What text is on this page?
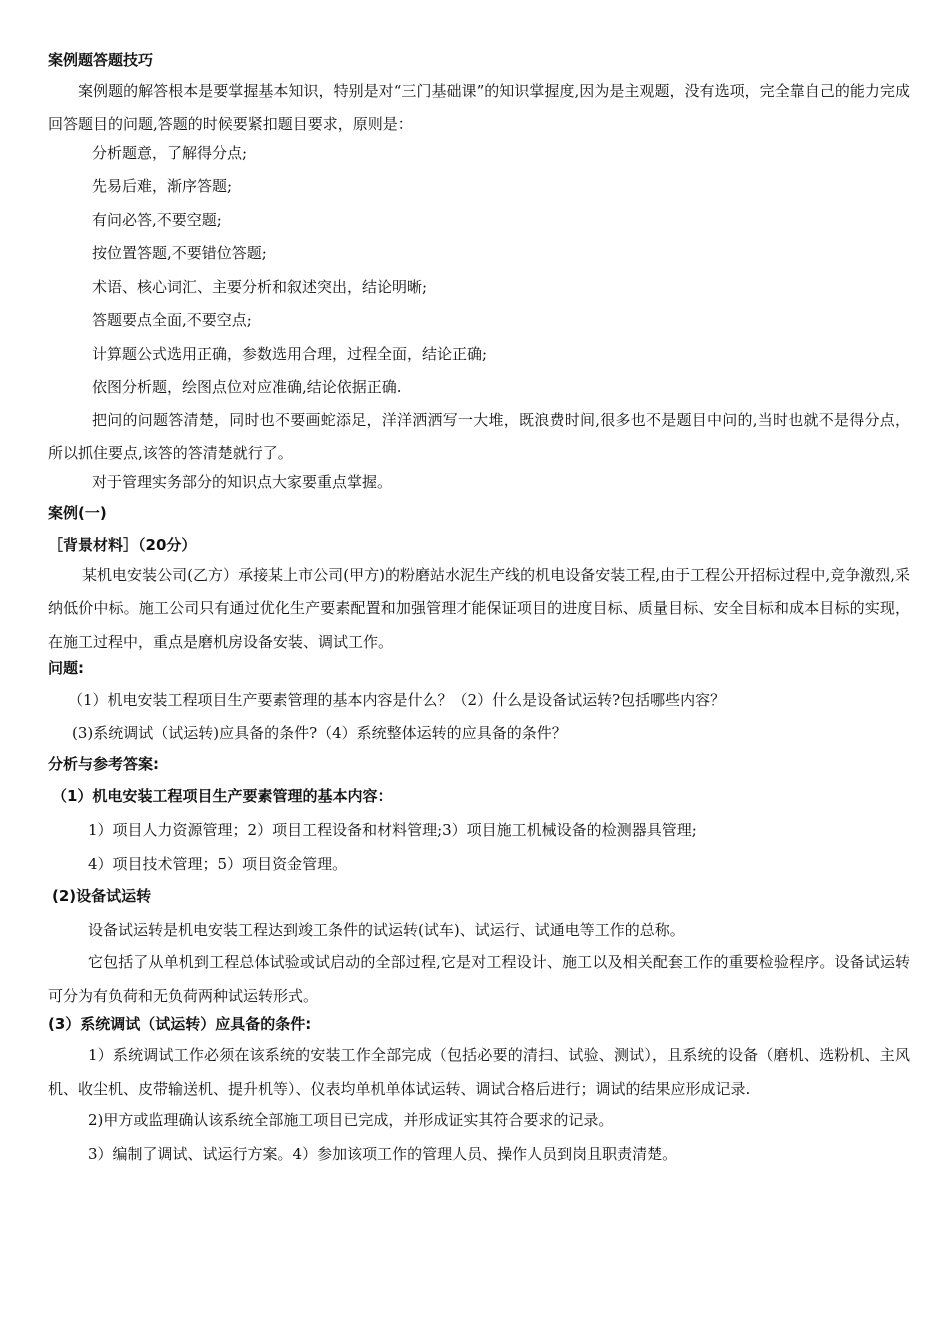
案例题答题技巧
案例题的解答根本是要掌握基本知识，特别是对“三门基础课”的知识掌握度,因为是主观题，没有选项，完全靠自己的能力完成回答题目的问题,答题的时候要紧扣题目要求，原则是：
分析题意，了解得分点;
先易后难，渐序答题;
有问必答,不要空题;
按位置答题,不要错位答题;
术语、核心词汇、主要分析和叙述突出，结论明晰;
答题要点全面,不要空点;
计算题公式选用正确，参数选用合理，过程全面，结论正确;
依图分析题，绘图点位对应准确,结论依据正确.
把问的问题答清楚，同时也不要画蛇添足，洋洋洒洒写一大堆，既浪费时间,很多也不是题目中问的,当时也就不是得分点，所以抓住要点,该答的答清楚就行了。
对于管理实务部分的知识点大家要重点掌握。
案例(一)
［背景材料］（20分）
某机电安装公司(乙方）承接某上市公司(甲方)的粉磨站水泥生产线的机电设备安装工程,由于工程公开招标过程中,竞争激烈,采纳低价中标。施工公司只有通过优化生产要素配置和加强管理才能保证项目的进度目标、质量目标、安全目标和成本目标的实现，在施工过程中，重点是磨机房设备安装、调试工作。
问题:
（1）机电安装工程项目生产要素管理的基本内容是什么？（2）什么是设备试运转?包括哪些内容？
(3)系统调试（试运转)应具备的条件?（4）系统整体运转的应具备的条件？
分析与参考答案:
（1）机电安装工程项目生产要素管理的基本内容：
1）项目人力资源管理；2）项目工程设备和材料管理;3）项目施工机械设备的检测器具管理;
4）项目技术管理；5）项目资金管理。
(2)设备试运转
设备试运转是机电安装工程达到竣工条件的试运转(试车)、试运行、试通电等工作的总称。
它包括了从单机到工程总体试验或试启动的全部过程,它是对工程设计、施工以及相关配套工作的重要检验程序。设备试运转可分为有负荷和无负荷两种试运转形式。
(3）系统调试（试运转）应具备的条件:
1）系统调试工作必须在该系统的安装工作全部完成（包括必要的清扫、试验、测试），且系统的设备（磨机、选粉机、主风机、收尘机、皮带输送机、提升机等）、仪表均单机单体试运转、调试合格后进行；调试的结果应形成记录.
2)甲方或监理确认该系统全部施工项目已完成，并形成证实其符合要求的记录。
3）编制了调试、试运行方案。4）参加该项工作的管理人员、操作人员到岗且职责清楚。
